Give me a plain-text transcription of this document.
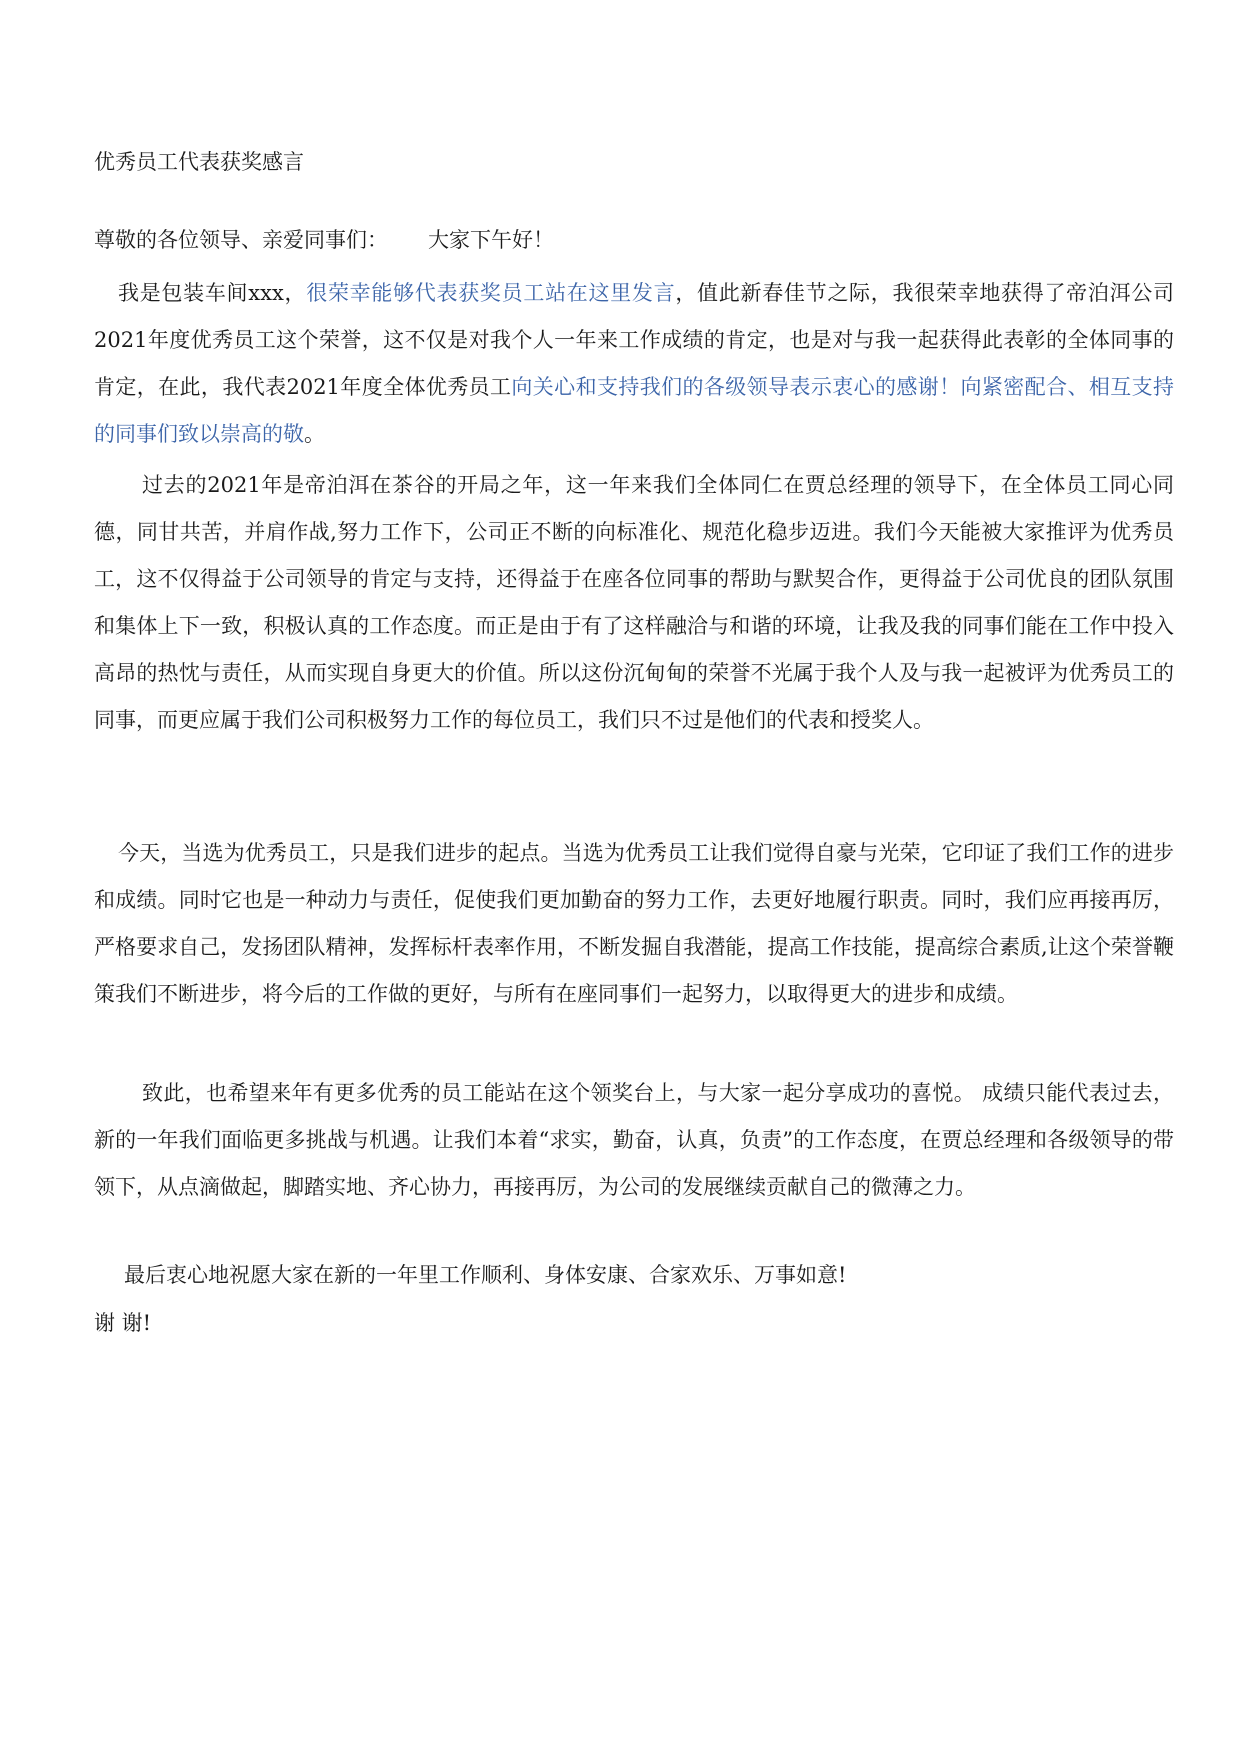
优秀员工代表获奖感言
尊敬的各位领导、亲爱同事们： 大家下午好！

我是包装车间xxx，很荣幸能够代表获奖员工站在这里发言，值此新春佳节之际，我很荣幸地获得了帝泊洱公司2021年度优秀员工这个荣誉，这不仅是对我个人一年来工作成绩的肯定，也是对与我一起获得此表彰的全体同事的肯定，在此，我代表2021年度全体优秀员工向关心和支持我们的各级领导表示衷心的感谢！向紧密配合、相互支持的同事们致以崇高的敬。

过去的2021年是帝泊洱在茶谷的开局之年，这一年来我们全体同仁在贾总经理的领导下，在全体员工同心同德，同甘共苦，并肩作战,努力工作下，公司正不断的向标准化、规范化稳步迈进。我们今天能被大家推评为优秀员工，这不仅得益于公司领导的肯定与支持，还得益于在座各位同事的帮助与默契合作，更得益于公司优良的团队氛围和集体上下一致，积极认真的工作态度。而正是由于有了这样融洽与和谐的环境，让我及我的同事们能在工作中投入高昂的热忱与责任，从而实现自身更大的价值。所以这份沉甸甸的荣誉不光属于我个人及与我一起被评为优秀员工的同事，而更应属于我们公司积极努力工作的每位员工，我们只不过是他们的代表和授奖人。

今天，当选为优秀员工，只是我们进步的起点。当选为优秀员工让我们觉得自豪与光荣，它印证了我们工作的进步和成绩。同时它也是一种动力与责任，促使我们更加勤奋的努力工作，去更好地履行职责。同时，我们应再接再厉，严格要求自己，发扬团队精神，发挥标杆表率作用，不断发掘自我潜能，提高工作技能，提高综合素质,让这个荣誉鞭策我们不断进步，将今后的工作做的更好，与所有在座同事们一起努力，以取得更大的进步和成绩。

致此，也希望来年有更多优秀的员工能站在这个领奖台上，与大家一起分享成功的喜悦。 成绩只能代表过去，新的一年我们面临更多挑战与机遇。让我们本着“求实，勤奋，认真，负责”的工作态度，在贾总经理和各级领导的带领下，从点滴做起，脚踏实地、齐心协力，再接再厉，为公司的发展继续贡献自己的微薄之力。

最后衷心地祝愿大家在新的一年里工作顺利、身体安康、合家欢乐、万事如意!

谢 谢!
